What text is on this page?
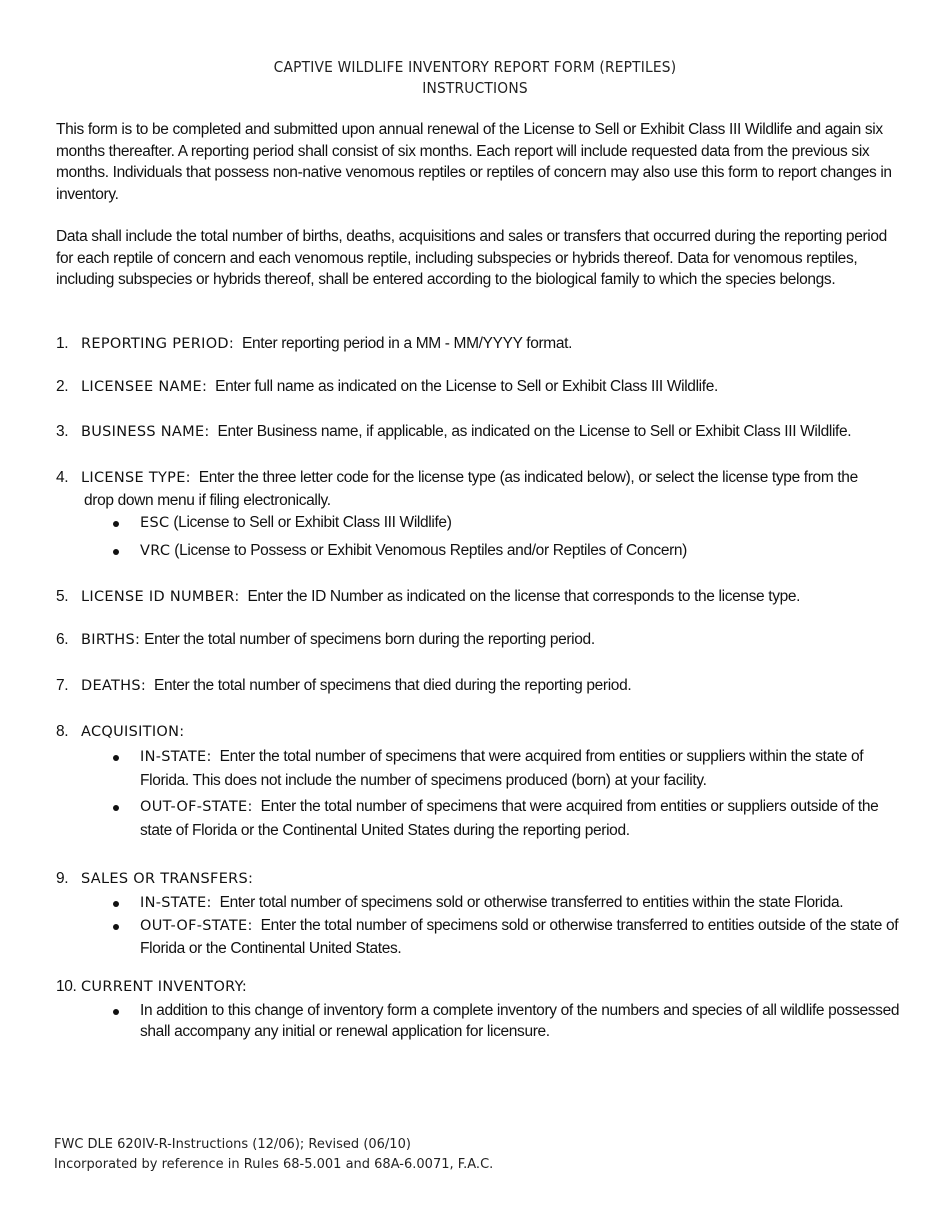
CAPTIVE WILDLIFE INVENTORY REPORT FORM (REPTILES)
INSTRUCTIONS
This form is to be completed and submitted upon annual renewal of the License to Sell or Exhibit Class III Wildlife and again six months thereafter. A reporting period shall consist of six months. Each report will include requested data from the previous six months. Individuals that possess non-native venomous reptiles or reptiles of concern may also use this form to report changes in inventory.
Data shall include the total number of births, deaths, acquisitions and sales or transfers that occurred during the reporting period for each reptile of concern and each venomous reptile, including subspecies or hybrids thereof. Data for venomous reptiles, including subspecies or hybrids thereof, shall be entered according to the biological family to which the species belongs.
1. REPORTING PERIOD: Enter reporting period in a MM - MM/YYYY format.
2. LICENSEE NAME: Enter full name as indicated on the License to Sell or Exhibit Class III Wildlife.
3. BUSINESS NAME: Enter Business name, if applicable, as indicated on the License to Sell or Exhibit Class III Wildlife.
4. LICENSE TYPE: Enter the three letter code for the license type (as indicated below), or select the license type from the
drop down menu if filing electronically.
ESC (License to Sell or Exhibit Class III Wildlife)
VRC (License to Possess or Exhibit Venomous Reptiles and/or Reptiles of Concern)
5. LICENSE ID NUMBER: Enter the ID Number as indicated on the license that corresponds to the license type.
6. BIRTHS: Enter the total number of specimens born during the reporting period.
7. DEATHS: Enter the total number of specimens that died during the reporting period.
8. ACQUISITION:
IN-STATE: Enter the total number of specimens that were acquired from entities or suppliers within the state of Florida. This does not include the number of specimens produced (born) at your facility.
OUT-OF-STATE: Enter the total number of specimens that were acquired from entities or suppliers outside of the state of Florida or the Continental United States during the reporting period.
9. SALES OR TRANSFERS:
IN-STATE: Enter total number of specimens sold or otherwise transferred to entities within the state Florida.
OUT-OF-STATE: Enter the total number of specimens sold or otherwise transferred to entities outside of the state of Florida or the Continental United States.
10. CURRENT INVENTORY:
In addition to this change of inventory form a complete inventory of the numbers and species of all wildlife possessed shall accompany any initial or renewal application for licensure.
FWC DLE 620IV-R-Instructions (12/06); Revised (06/10)
Incorporated by reference in Rules 68-5.001 and 68A-6.0071, F.A.C.
